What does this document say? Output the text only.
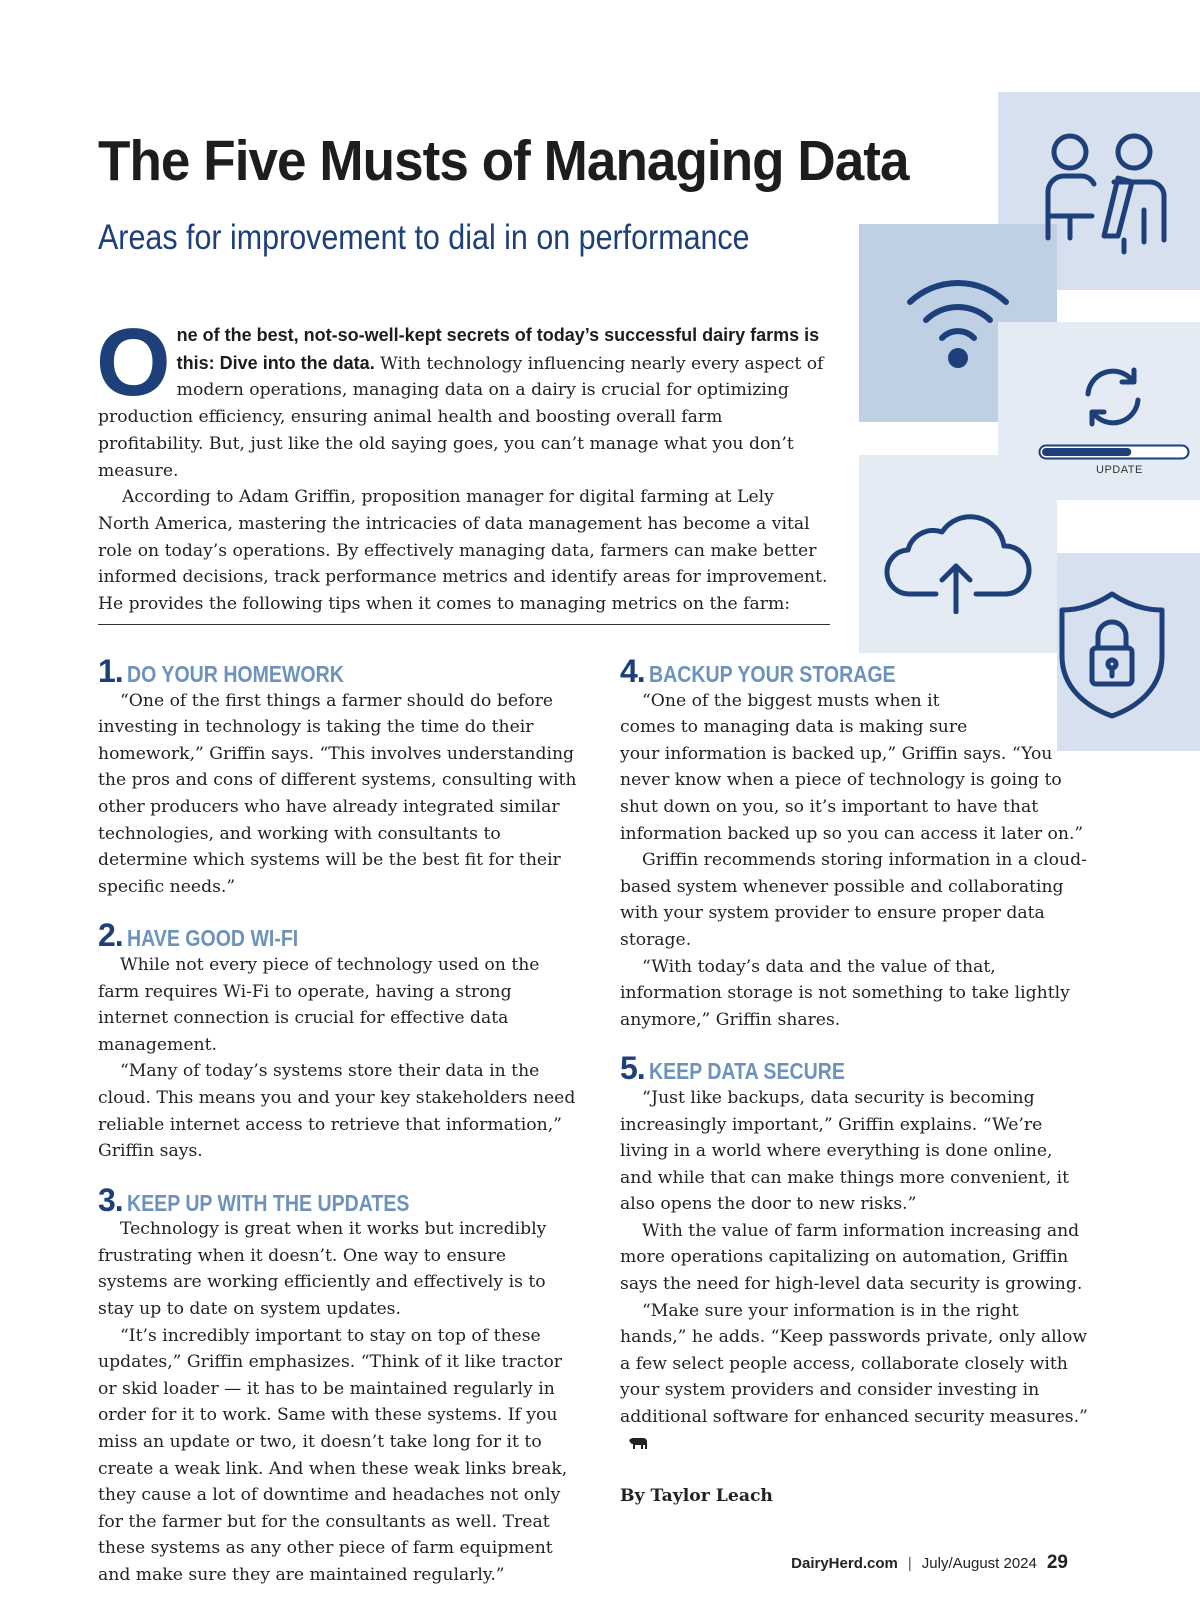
UPDATE
The Five Musts of Managing Data
Areas for improvement to dial in on performance

One of the best, not-so-well-kept secrets of today’s successful dairy farms is this: Dive into the data. With technology influencing nearly every aspect of modern operations, managing data on a dairy is crucial for optimizing production efficiency, ensuring animal health and boosting overall farm profitability. But, just like the old saying goes, you can’t manage what you don’t measure.

According to Adam Griffin, proposition manager for digital farming at Lely North America, mastering the intricacies of data management has become a vital role on today’s operations. By effectively managing data, farmers can make better informed decisions, track performance metrics and identify areas for improvement. He provides the following tips when it comes to managing metrics on the farm:

1. DO YOUR HOMEWORK

“One of the first things a farmer should do before investing in technology is taking the time do their homework,” Griffin says. “This involves understanding the pros and cons of different systems, consulting with other producers who have already integrated similar technologies, and working with consultants to determine which systems will be the best fit for their specific needs.”

2. HAVE GOOD WI-FI

While not every piece of technology used on the farm requires Wi-Fi to operate, having a strong internet connection is crucial for effective data management.

“Many of today’s systems store their data in the cloud. This means you and your key stakeholders need reliable internet access to retrieve that information,” Griffin says.

3. KEEP UP WITH THE UPDATES

Technology is great when it works but incredibly frustrating when it doesn’t. One way to ensure systems are working efficiently and effectively is to stay up to date on system updates.

“It’s incredibly important to stay on top of these updates,” Griffin emphasizes. “Think of it like tractor or skid loader — it has to be maintained regularly in order for it to work. Same with these systems. If you miss an update or two, it doesn’t take long for it to create a weak link. And when these weak links break, they cause a lot of downtime and headaches not only for the farmer but for the consultants as well. Treat these systems as any other piece of farm equipment and make sure they are maintained regularly.”

4. BACKUP YOUR STORAGE

“One of the biggest musts when it
comes to managing data is making sure
your information is backed up,” Griffin says. “You never know when a piece of technology is going to shut down on you, so it’s important to have that information backed up so you can access it later on.”

Griffin recommends storing information in a cloud-based system whenever possible and collaborating with your system provider to ensure proper data storage.

“With today’s data and the value of that, information storage is not something to take lightly anymore,” Griffin shares.

5. KEEP DATA SECURE

“Just like backups, data security is becoming increasingly important,” Griffin explains. “We’re living in a world where everything is done online, and while that can make things more convenient, it also opens the door to new risks.”

With the value of farm information increasing and more operations capitalizing on automation, Griffin says the need for high-level data security is growing.

“Make sure your information is in the right hands,” he adds. “Keep passwords private, only allow a few select people access, collaborate closely with your system providers and consider investing in additional software for enhanced security measures.”

By Taylor Leach
DairyHerd.com | July/August 2024 29
